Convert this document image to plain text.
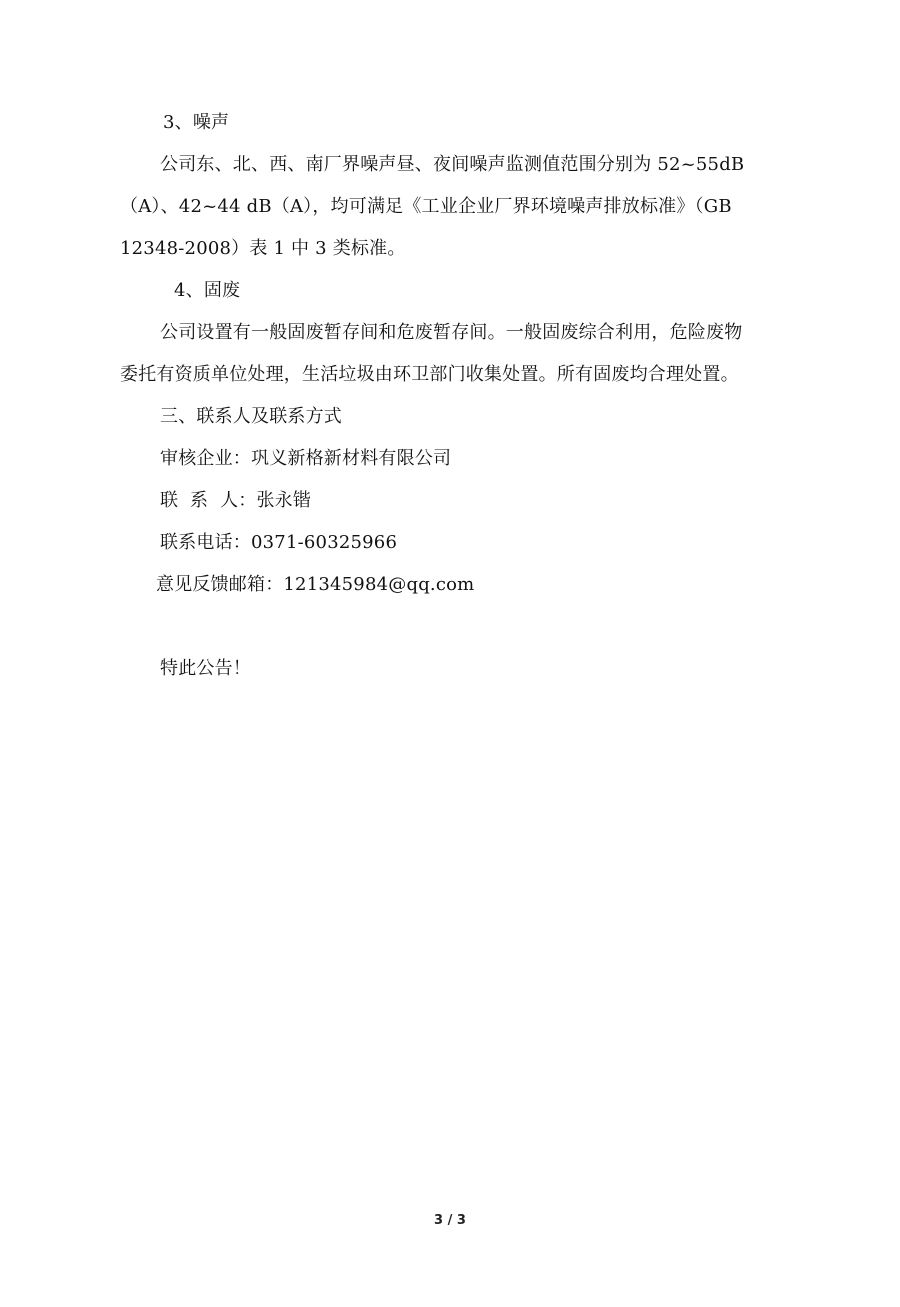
3、噪声
公司东、北、西、南厂界噪声昼、夜间噪声监测值范围分别为 52~55dB
（A）、42~44 dB（A），均可满足《工业企业厂界环境噪声排放标准》（GB
12348-2008）表 1 中 3 类标准。
4、固废
公司设置有一般固废暂存间和危废暂存间。一般固废综合利用，危险废物
委托有资质单位处理，生活垃圾由环卫部门收集处置。所有固废均合理处置。
三、联系人及联系方式
审核企业：巩义新格新材料有限公司
联  系  人：张永锴
联系电话：0371-60325966
意见反馈邮箱：121345984@qq.com
特此公告！
3 / 3
